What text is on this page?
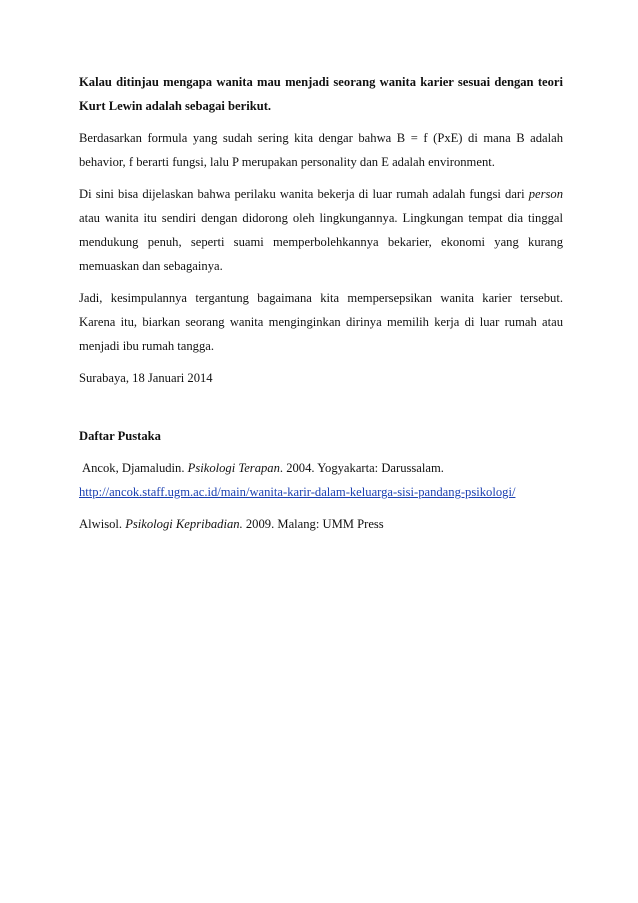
Kalau ditinjau mengapa wanita mau menjadi seorang wanita karier sesuai dengan teori
Kurt Lewin adalah sebagai berikut.
Berdasarkan formula yang sudah sering kita dengar bahwa B = f (PxE) di mana B adalah
behavior, f berarti fungsi, lalu P merupakan personality dan E adalah environment.
Di sini bisa dijelaskan bahwa perilaku wanita bekerja di luar rumah adalah fungsi dari person
atau wanita itu sendiri dengan didorong oleh lingkungannya. Lingkungan tempat dia tinggal
mendukung penuh, seperti suami memperbolehkannya bekarier, ekonomi yang kurang
memuaskan dan sebagainya.
Jadi, kesimpulannya tergantung bagaimana kita mempersepsikan wanita karier tersebut.
Karena itu, biarkan seorang wanita menginginkan dirinya memilih kerja di luar rumah atau
menjadi ibu rumah tangga.
Surabaya, 18 Januari 2014
Daftar Pustaka
Ancok, Djamaludin. Psikologi Terapan. 2004. Yogyakarta: Darussalam.
http://ancok.staff.ugm.ac.id/main/wanita-karir-dalam-keluarga-sisi-pandang-psikologi/
Alwisol. Psikologi Kepribadian. 2009. Malang: UMM Press
